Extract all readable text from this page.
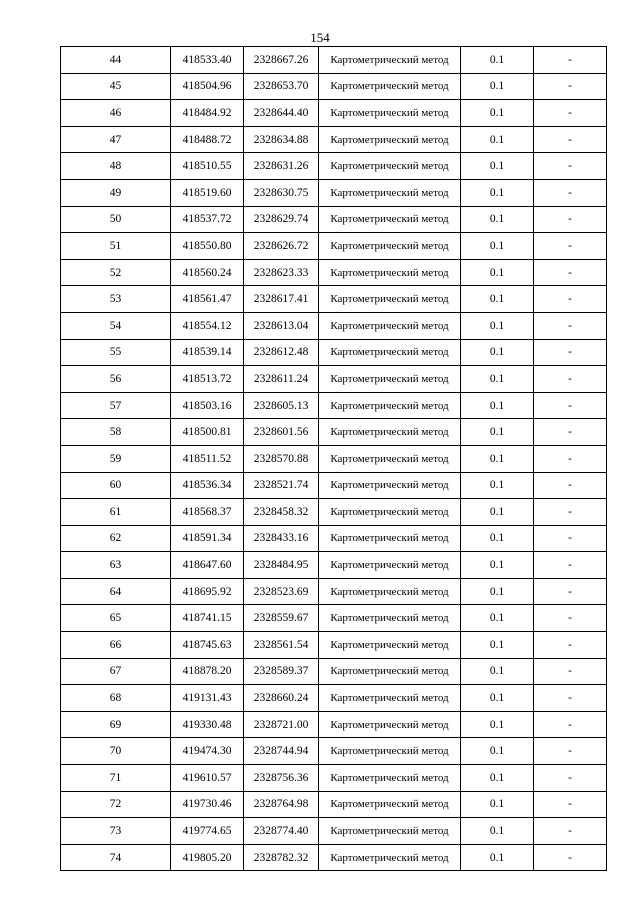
154
44	418533.40	2328667.26	Картометрический метод	0.1	-
45	418504.96	2328653.70	Картометрический метод	0.1	-
46	418484.92	2328644.40	Картометрический метод	0.1	-
47	418488.72	2328634.88	Картометрический метод	0.1	-
48	418510.55	2328631.26	Картометрический метод	0.1	-
49	418519.60	2328630.75	Картометрический метод	0.1	-
50	418537.72	2328629.74	Картометрический метод	0.1	-
51	418550.80	2328626.72	Картометрический метод	0.1	-
52	418560.24	2328623.33	Картометрический метод	0.1	-
53	418561.47	2328617.41	Картометрический метод	0.1	-
54	418554.12	2328613.04	Картометрический метод	0.1	-
55	418539.14	2328612.48	Картометрический метод	0.1	-
56	418513.72	2328611.24	Картометрический метод	0.1	-
57	418503.16	2328605.13	Картометрический метод	0.1	-
58	418500.81	2328601.56	Картометрический метод	0.1	-
59	418511.52	2328570.88	Картометрический метод	0.1	-
60	418536.34	2328521.74	Картометрический метод	0.1	-
61	418568.37	2328458.32	Картометрический метод	0.1	-
62	418591.34	2328433.16	Картометрический метод	0.1	-
63	418647.60	2328484.95	Картометрический метод	0.1	-
64	418695.92	2328523.69	Картометрический метод	0.1	-
65	418741.15	2328559.67	Картометрический метод	0.1	-
66	418745.63	2328561.54	Картометрический метод	0.1	-
67	418878.20	2328589.37	Картометрический метод	0.1	-
68	419131.43	2328660.24	Картометрический метод	0.1	-
69	419330.48	2328721.00	Картометрический метод	0.1	-
70	419474.30	2328744.94	Картометрический метод	0.1	-
71	419610.57	2328756.36	Картометрический метод	0.1	-
72	419730.46	2328764.98	Картометрический метод	0.1	-
73	419774.65	2328774.40	Картометрический метод	0.1	-
74	419805.20	2328782.32	Картометрический метод	0.1	-
